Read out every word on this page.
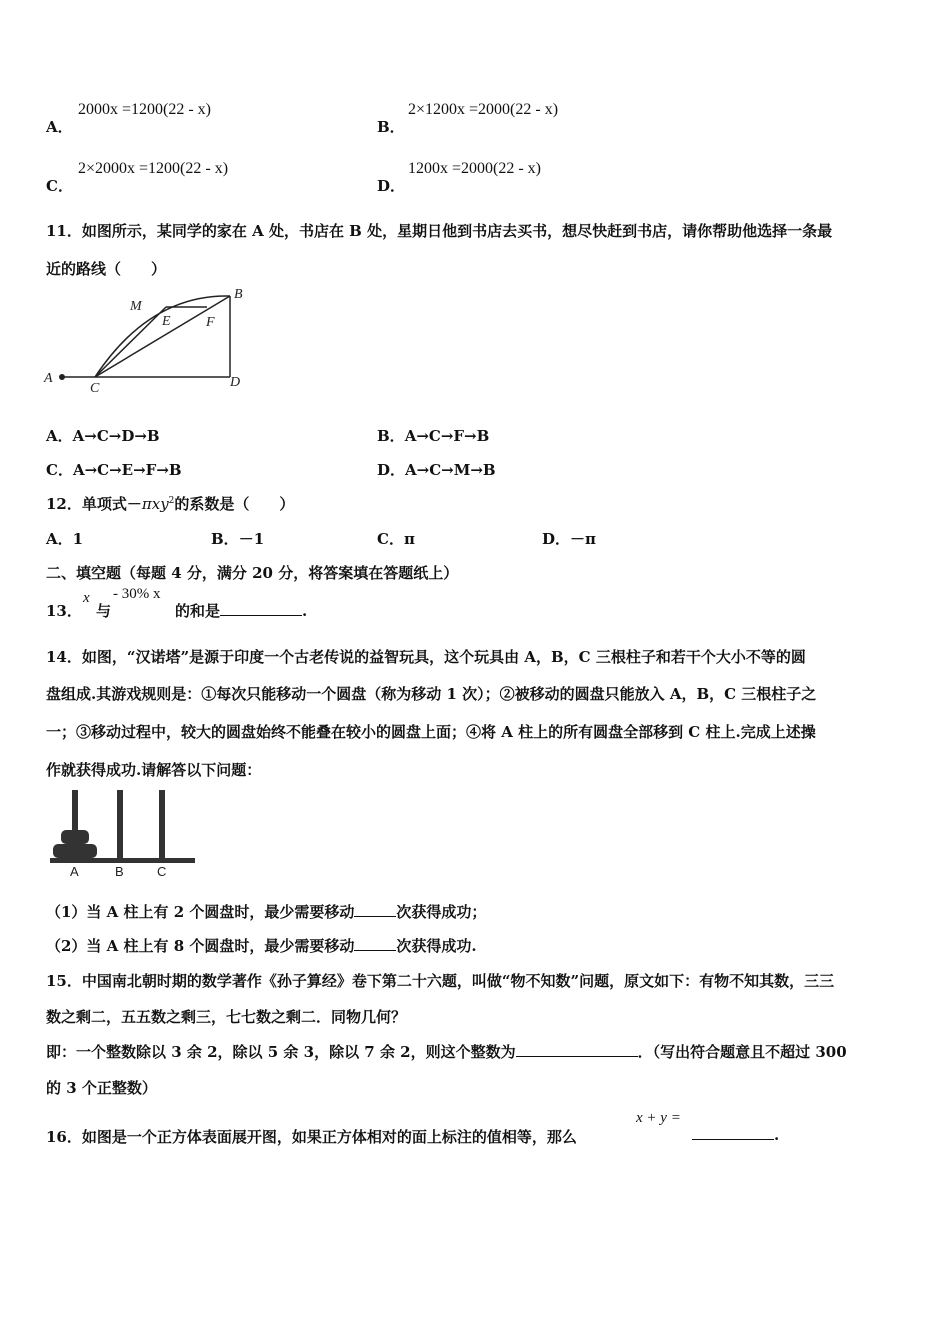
A．
2000x =1200(22 - x)
B．
2×1200x =2000(22 - x)
C．
2×2000x =1200(22 - x)
D．
1200x =2000(22 - x)
11．如图所示，某同学的家在 A 处，书店在 B 处，星期日他到书店去买书，想尽快赶到书店，请你帮助他选择一条最
近的路线（　　）
A
C	D
B
M
E	F
A．A→C→D→B	B．A→C→F→B
C．A→C→E→F→B	D．A→C→M→B
12．单项式－πxy$^2$的系数是（　　）
A．1	B．－1	C．π	D．－π
二、填空题（每题 4 分，满分 20 分，将答案填在答题纸上）
13．
x
与
- 30% x
的和是	.
14．如图，“汉诺塔”是源于印度一个古老传说的益智玩具，这个玩具由 A，B，C 三根柱子和若干个大小不等的圆
盘组成.其游戏规则是：①每次只能移动一个圆盘（称为移动 1 次）；②被移动的圆盘只能放入 A，B，C 三根柱子之
一；③移动过程中，较大的圆盘始终不能叠在较小的圆盘上面；④将 A 柱上的所有圆盘全部移到 C 柱上.完成上述操
作就获得成功.请解答以下问题：
A	B	C
（1）当 A 柱上有 2 个圆盘时，最少需要移动	次获得成功；
（2）当 A 柱上有 8 个圆盘时，最少需要移动	次获得成功.
15．中国南北朝时期的数学著作《孙子算经》卷下第二十六题，叫做“物不知数”问题，原文如下：有物不知其数，三三
数之剩二，五五数之剩三，七七数之剩二．同物几何？
即：一个整数除以 3 余 2，除以 5 余 3，除以 7 余 2，则这个整数为	．（写出符合题意且不超过 300
的 3 个正整数）
16．如图是一个正方体表面展开图，如果正方体相对的面上标注的值相等，那么
x + y =
.
